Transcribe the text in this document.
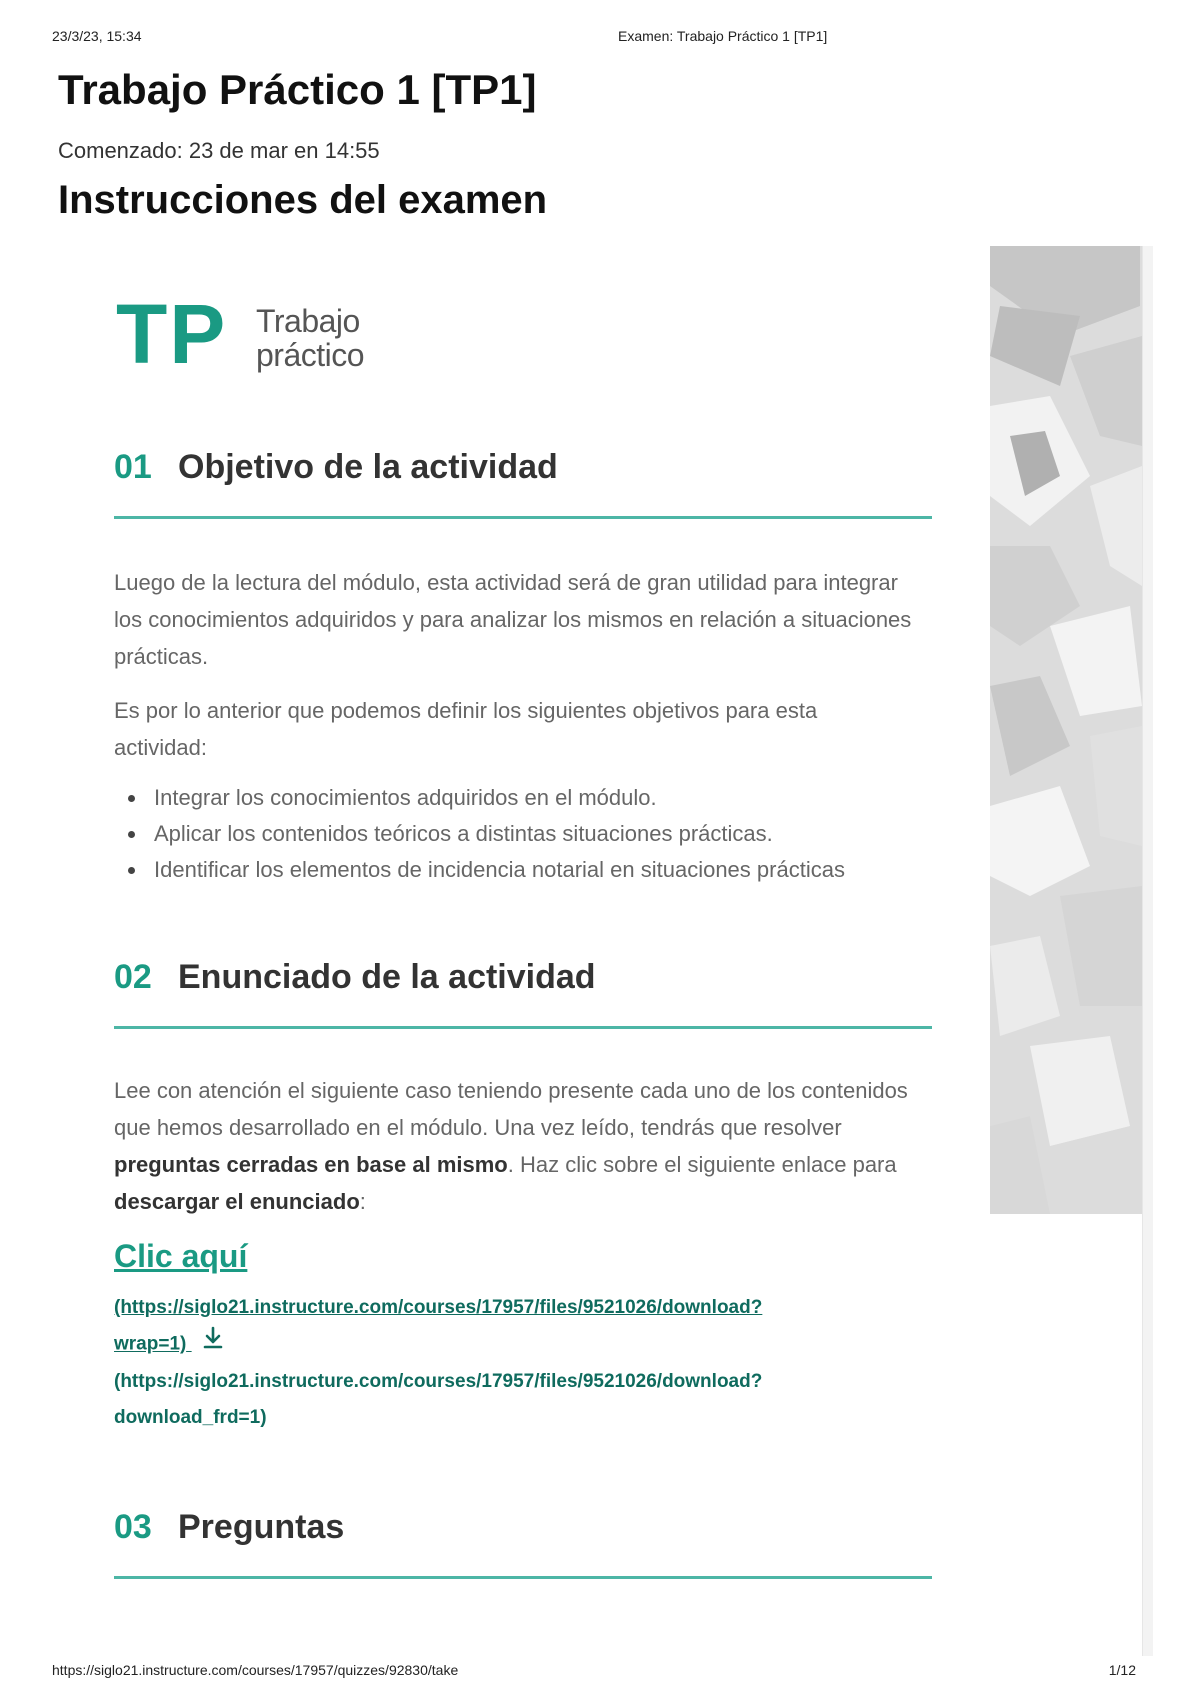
23/3/23, 15:34	Examen: Trabajo Práctico 1 [TP1]
Trabajo Práctico 1 [TP1]
Comenzado: 23 de mar en 14:55
Instrucciones del examen
TP Trabajo
práctico
01 Objetivo de la actividad

Luego de la lectura del módulo, esta actividad será de gran utilidad para integrar los conocimientos adquiridos y para analizar los mismos en relación a situaciones prácticas.

Es por lo anterior que podemos definir los siguientes objetivos para esta actividad:

Integrar los conocimientos adquiridos en el módulo.
Aplicar los contenidos teóricos a distintas situaciones prácticas.
Identificar los elementos de incidencia notarial en situaciones prácticas
02 Enunciado de la actividad

Lee con atención el siguiente caso teniendo presente cada uno de los contenidos que hemos desarrollado en el módulo. Una vez leído, tendrás que resolver preguntas cerradas en base al mismo. Haz clic sobre el siguiente enlace para descargar el enunciado:

Clic aquí
(https://siglo21.instructure.com/courses/17957/files/9521026/download?
wrap=1)
(https://siglo21.instructure.com/courses/17957/files/9521026/download?
download_frd=1)
03 Preguntas
https://siglo21.instructure.com/courses/17957/quizzes/92830/take	1/12
